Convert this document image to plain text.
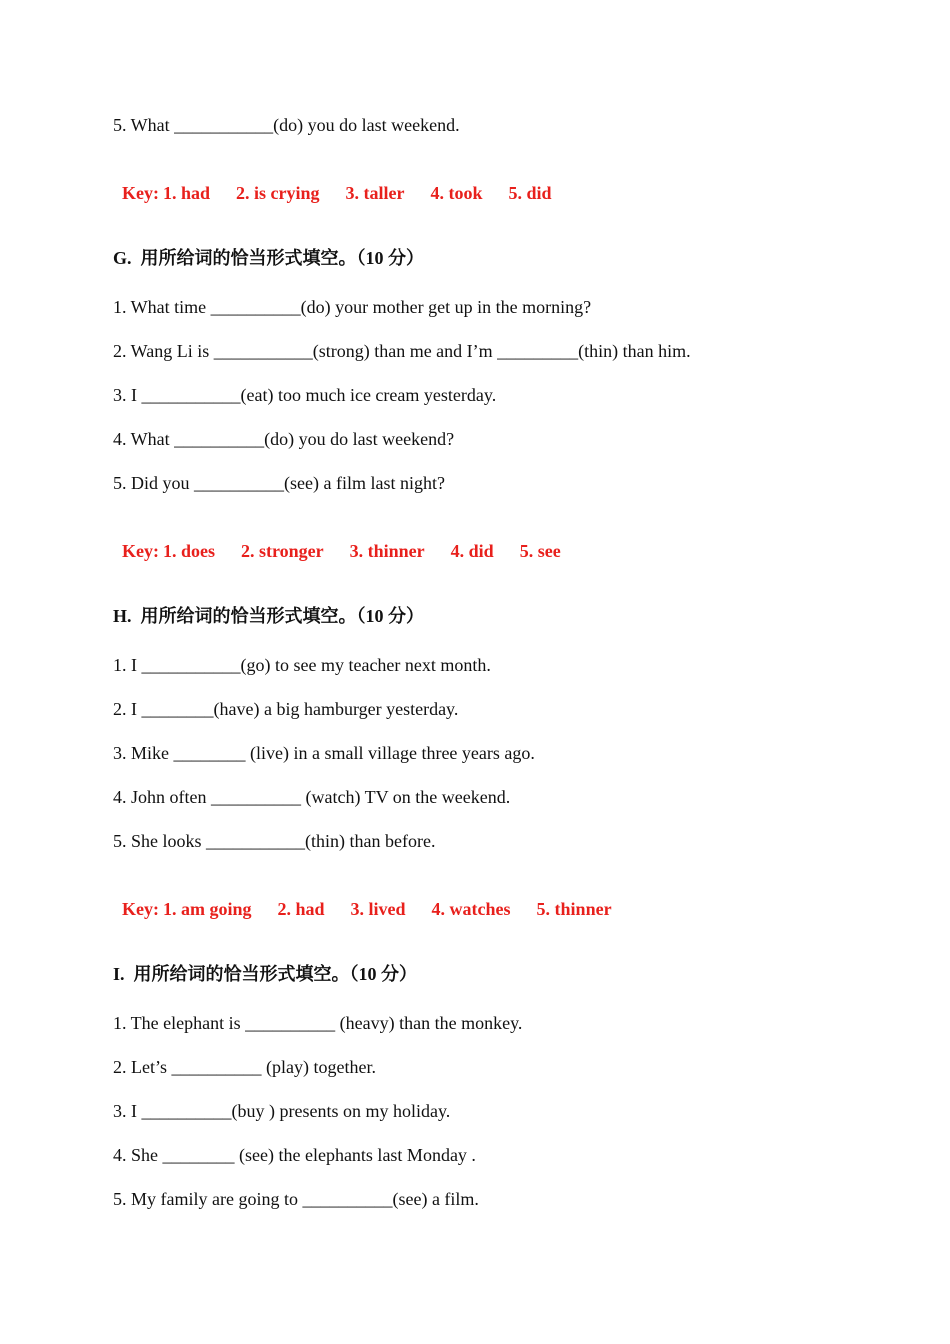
5. What ___________(do) you do last weekend.

Key: 1. had 2. is crying 3. taller 4. took 5. did

G.  用所给词的恰当形式填空。（10 分）
1. What time __________(do) your mother get up in the morning?
2. Wang Li is ___________(strong) than me and I’m _________(thin) than him.
3. I ___________(eat) too much ice cream yesterday.
4. What __________(do) you do last weekend?
5. Did you __________(see) a film last night?

Key: 1. does 2. stronger 3. thinner 4. did 5. see

H.  用所给词的恰当形式填空。（10 分）
1. I ___________(go) to see my teacher next month.
2. I ________(have) a big hamburger yesterday.
3. Mike ________ (live) in a small village three years ago.
4. John often __________ (watch) TV on the weekend.
5. She looks ___________(thin) than before.

Key: 1. am going 2. had 3. lived 4. watches 5. thinner

I.  用所给词的恰当形式填空。（10 分）
1. The elephant is __________ (heavy) than the monkey.
2. Let’s __________ (play) together.
3. I __________(buy ) presents on my holiday.
4. She ________ (see) the elephants last Monday .
5. My family are going to __________(see) a film.
